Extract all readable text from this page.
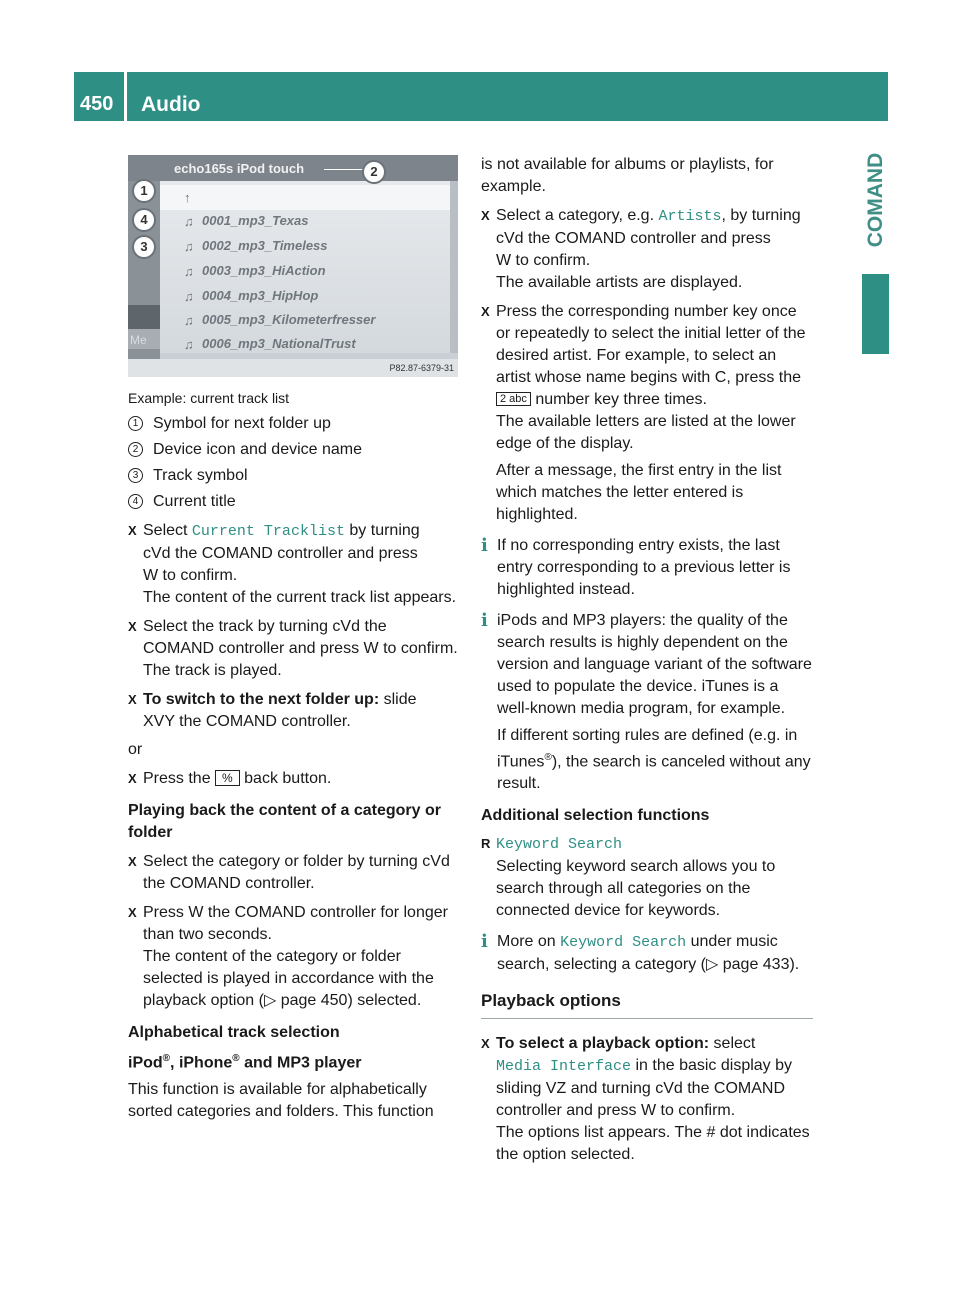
450 Audio
COMAND
echo165s iPod touch
Me
↑
♫ 0001_mp3_Texas
♫ 0002_mp3_Timeless
♫ 0003_mp3_HiAction
♫ 0004_mp3_HipHop
♫ 0005_mp3_Kilometerfresser
♫ 0006_mp3_NationalTrust
P82.87-6379-31
2
1
4
3
Example: current track list
1 Symbol for next folder up
2 Device icon and device name
3 Track symbol
4 Current title
X Select Current Tracklist by turning
cVd the COMAND controller and press
W to confirm.
The content of the current track list appears.
X Select the track by turning cVd the COMAND controller and press W to confirm.
The track is played.
X To switch to the next folder up: slide
XVY the COMAND controller.
or
X Press the % back button.
Playing back the content of a category or folder
X Select the category or folder by turning cVd the COMAND controller.
X Press W the COMAND controller for longer than two seconds.
The content of the category or folder selected is played in accordance with the playback option (▷ page 450) selected.
Alphabetical track selection
iPod®, iPhone® and MP3 player
This function is available for alphabetically sorted categories and folders. This function
is not available for albums or playlists, for example.
X Select a category, e.g. Artists, by turning
cVd the COMAND controller and press
W to confirm.
The available artists are displayed.
X Press the corresponding number key once or repeatedly to select the initial letter of the desired artist. For example, to select an artist whose name begins with C, press the
2 abc number key three times.
The available letters are listed at the lower edge of the display.
After a message, the first entry in the list which matches the letter entered is highlighted.
i If no corresponding entry exists, the last entry corresponding to a previous letter is highlighted instead.
i iPods and MP3 players: the quality of the search results is highly dependent on the version and language variant of the software used to populate the device. iTunes is a well-known media program, for example.
If different sorting rules are defined (e.g. in iTunes®), the search is canceled without any result.
Additional selection functions
R Keyword Search
Selecting keyword search allows you to search through all categories on the connected device for keywords.
i More on Keyword Search under music search, selecting a category (▷ page 433).
Playback options
X To select a playback option: select
Media Interface in the basic display by sliding VZ and turning cVd the COMAND controller and press W to confirm.
The options list appears. The # dot indicates the option selected.
